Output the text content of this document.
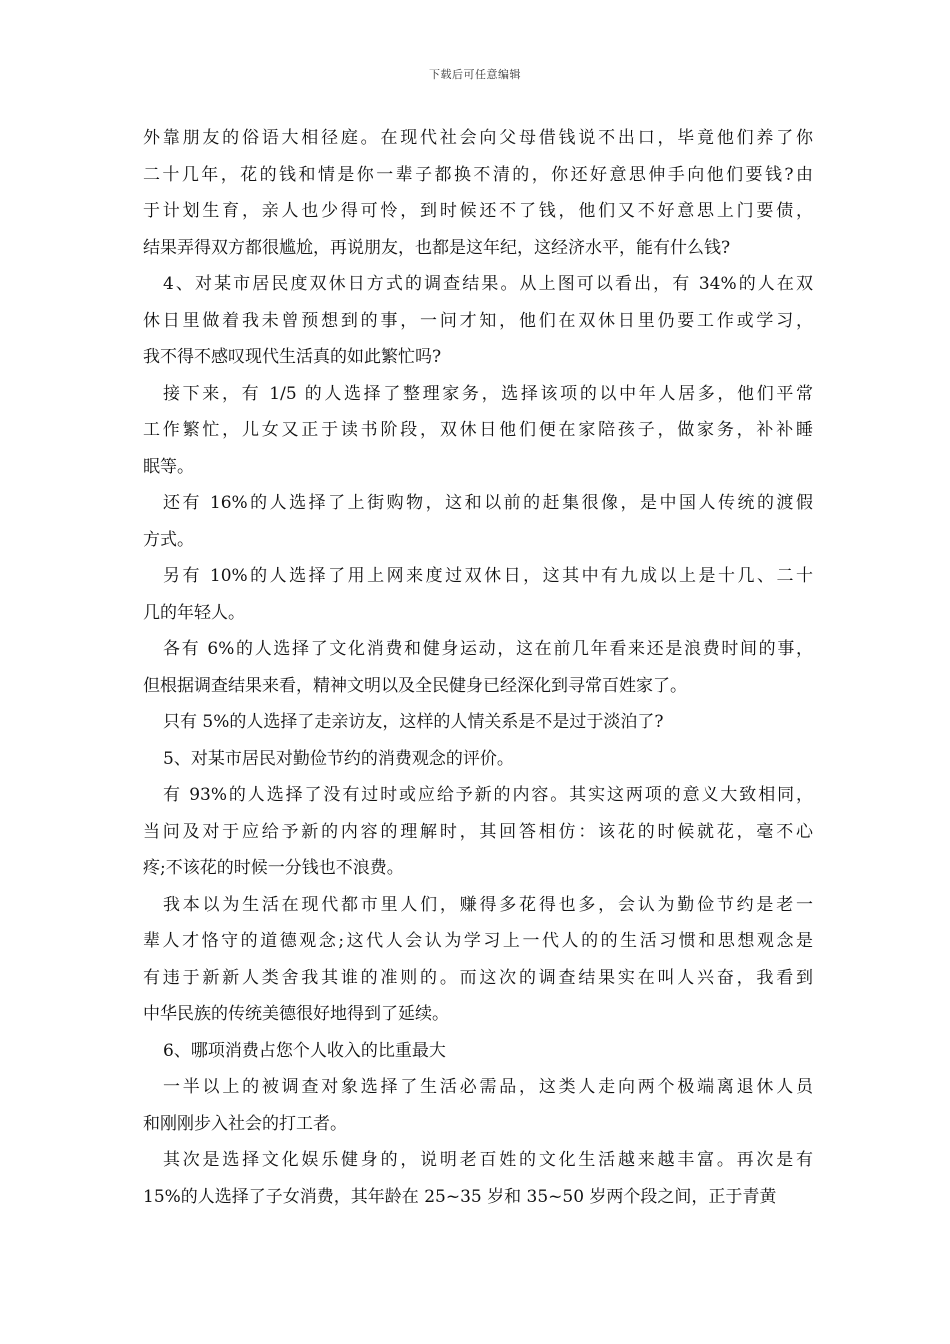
下载后可任意编辑
外靠朋友的俗语大相径庭。在现代社会向父母借钱说不出口，毕竟他们养了你
二十几年，花的钱和情是你一辈子都换不清的，你还好意思伸手向他们要钱?由
于计划生育，亲人也少得可怜，到时候还不了钱，他们又不好意思上门要债，
结果弄得双方都很尴尬，再说朋友，也都是这年纪，这经济水平，能有什么钱?
4、对某市居民度双休日方式的调查结果。从上图可以看出，有 34%的人在双
休日里做着我未曾预想到的事，一问才知，他们在双休日里仍要工作或学习，
我不得不感叹现代生活真的如此繁忙吗?
接下来，有 1/5 的人选择了整理家务，选择该项的以中年人居多，他们平常
工作繁忙，儿女又正于读书阶段，双休日他们便在家陪孩子，做家务，补补睡
眠等。
还有 16%的人选择了上街购物，这和以前的赶集很像，是中国人传统的渡假
方式。
另有 10%的人选择了用上网来度过双休日，这其中有九成以上是十几、二十
几的年轻人。
各有 6%的人选择了文化消费和健身运动，这在前几年看来还是浪费时间的事，
但根据调查结果来看，精神文明以及全民健身已经深化到寻常百姓家了。
只有 5%的人选择了走亲访友，这样的人情关系是不是过于淡泊了?
5、对某市居民对勤俭节约的消费观念的评价。
有 93%的人选择了没有过时或应给予新的内容。其实这两项的意义大致相同，
当问及对于应给予新的内容的理解时，其回答相仿：该花的时候就花，毫不心
疼;不该花的时候一分钱也不浪费。
我本以为生活在现代都市里人们，赚得多花得也多，会认为勤俭节约是老一
辈人才恪守的道德观念;这代人会认为学习上一代人的的生活习惯和思想观念是
有违于新新人类舍我其谁的准则的。而这次的调查结果实在叫人兴奋，我看到
中华民族的传统美德很好地得到了延续。
6、哪项消费占您个人收入的比重最大
一半以上的被调查对象选择了生活必需品，这类人走向两个极端离退休人员
和刚刚步入社会的打工者。
其次是选择文化娱乐健身的，说明老百姓的文化生活越来越丰富。再次是有
15%的人选择了子女消费，其年龄在 25~35 岁和 35~50 岁两个段之间，正于青黄
